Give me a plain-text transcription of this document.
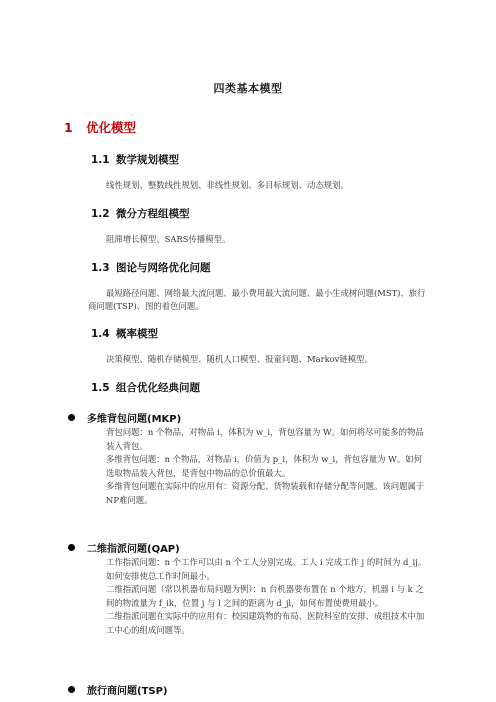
四类基本模型
1 优化模型
1.1 数学规划模型
线性规划、整数线性规划、非线性规划、多目标规划、动态规划。
1.2 微分方程组模型
阻滞增长模型、SARS传播模型。
1.3 图论与网络优化问题
最短路径问题、网络最大流问题、最小费用最大流问题、最小生成树问题(MST)、旅行商问题(TSP)、图的着色问题。
1.4 概率模型
决策模型、随机存储模型、随机人口模型、报童问题、Markov链模型。
1.5 组合优化经典问题
多维背包问题(MKP)
背包问题：n 个物品，对物品 i，体积为 w_i，背包容量为 W。如何将尽可能多的物品装入背包。
多维背包问题：n 个物品，对物品 i，价值为 p_i，体积为 w_i，背包容量为 W。如何选取物品装入背包，是背包中物品的总价值最大。
多维背包问题在实际中的应用有：资源分配、货物装载和存储分配等问题。该问题属于NP难问题。
二维指派问题(QAP)
工作指派问题：n 个工作可以由 n 个工人分别完成。工人 i 完成工作 j 的时间为 d_ij。如何安排使总工作时间最小。
二维指派问题（常以机器布局问题为例）：n 台机器要布置在 n 个地方，机器 i 与 k 之间的物流量为 f_ik，位置 j 与 l 之间的距离为 d_jl，如何布置使费用最小。
二维指派问题在实际中的应用有：校园建筑物的布局、医院科室的安排、成组技术中加工中心的组成问题等。
旅行商问题(TSP)
